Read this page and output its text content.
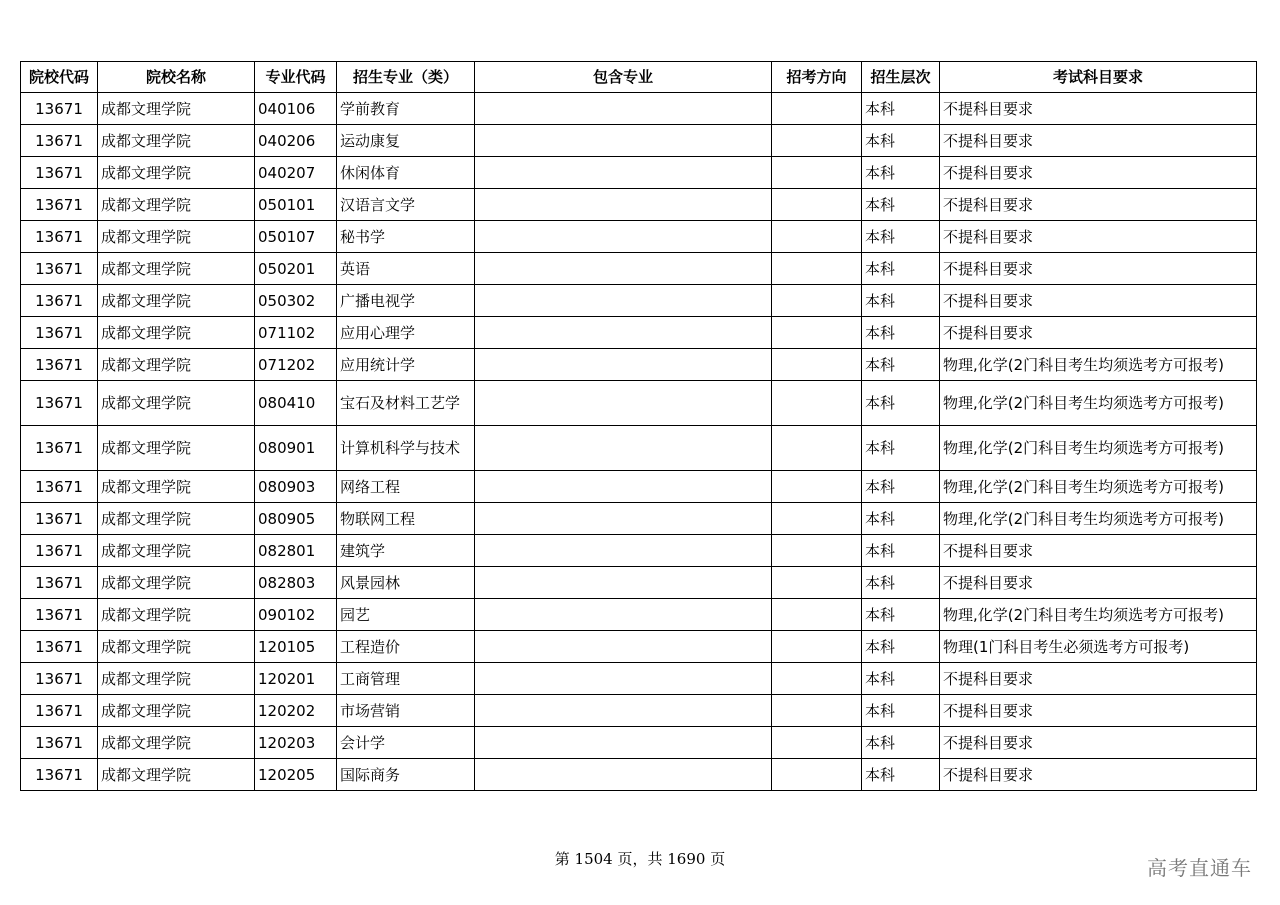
院校代码	院校名称	专业代码	招生专业（类）	包含专业	招考方向	招生层次	考试科目要求
13671	成都文理学院	040106	学前教育			本科	不提科目要求
13671	成都文理学院	040206	运动康复			本科	不提科目要求
13671	成都文理学院	040207	休闲体育			本科	不提科目要求
13671	成都文理学院	050101	汉语言文学			本科	不提科目要求
13671	成都文理学院	050107	秘书学			本科	不提科目要求
13671	成都文理学院	050201	英语			本科	不提科目要求
13671	成都文理学院	050302	广播电视学			本科	不提科目要求
13671	成都文理学院	071102	应用心理学			本科	不提科目要求
13671	成都文理学院	071202	应用统计学			本科	物理,化学(2门科目考生均须选考方可报考)
13671	成都文理学院	080410	宝石及材料工艺学			本科	物理,化学(2门科目考生均须选考方可报考)
13671	成都文理学院	080901	计算机科学与技术			本科	物理,化学(2门科目考生均须选考方可报考)
13671	成都文理学院	080903	网络工程			本科	物理,化学(2门科目考生均须选考方可报考)
13671	成都文理学院	080905	物联网工程			本科	物理,化学(2门科目考生均须选考方可报考)
13671	成都文理学院	082801	建筑学			本科	不提科目要求
13671	成都文理学院	082803	风景园林			本科	不提科目要求
13671	成都文理学院	090102	园艺			本科	物理,化学(2门科目考生均须选考方可报考)
13671	成都文理学院	120105	工程造价			本科	物理(1门科目考生必须选考方可报考)
13671	成都文理学院	120201	工商管理			本科	不提科目要求
13671	成都文理学院	120202	市场营销			本科	不提科目要求
13671	成都文理学院	120203	会计学			本科	不提科目要求
13671	成都文理学院	120205	国际商务			本科	不提科目要求
第 1504 页，共 1690 页	高考直通车
